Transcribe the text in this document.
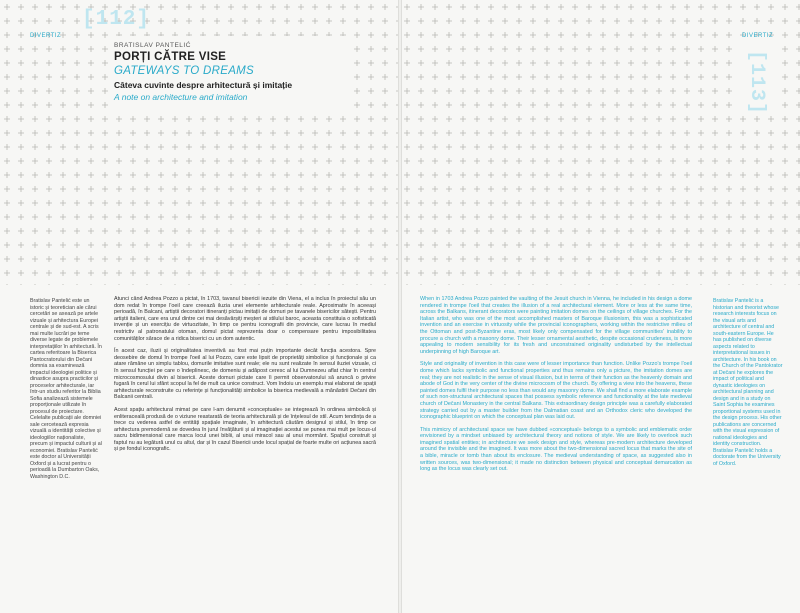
[112]
DIVERTIZ
BRATISLAV PANTELIĆ
PORȚI CĂTRE VISE
GATEWAYS TO DREAMS
Câteva cuvinte despre arhitectură și imitație
A note on architecture and imitation
Bratislav Pantelić este un istoric și teoretician ale cărui cercetări se axează pe artele vizuale și arhitectura Europei centrale și de sud-est. A scris mai multe lucrări pe teme diverse legate de problemele interpretațiilor în arhitectură. În cartea referitoare la Biserica Pantocratorului din Dečani domnia sa examinează impactul ideologiei politice și dinastice asupra practicilor și proceselor arhitecturale, iar într-un studiu referitor la Biblia Sofia analizează sistemele proporționale utilizate în procesul de proiectare. Celelalte publicații ale domniei sale cercetează expresia vizuală a identității colective și ideologiilor naționaliste, precum și impactul culturii și al economiei. Bratislav Pantelić este doctor al Universității Oxford și a lucrat pentru o perioadă la Dumbarton Oaks, Washington D.C.

Atunci când Andrea Pozzo a pictat, în 1703, tavanul bisericii iezuite din Viena, el a inclus în proiectul său un dom redat în trompe l'oeil care creează iluzia unei elemente arhitecturale reale. Aproximativ în aceeași perioadă, în Balcani, artiștii decoratori itineranți pictau imitații de domuri pe tavanele bisericilor săteşti. Pentru artiștii italieni, care era unul dintre cei mai desăvârșiți meșteri ai stilului baroc, aceasta constituia o sofisticată invenție și un exercițiu de virtuozitate, în timp ce pentru iconografii din provincie, care lucrau în mediul restrictiv al patronatului otoman, domul pictat reprezenta doar o compensare pentru imposibilitatea comunităților sărace de a ridica biserici cu un dom autentic.

În acest caz, iluzii și originalitatea inventivă au fost mai puțin importante decât funcția acestora. Spre deosebire de domul în trompe l'oeil al lui Pozzo, care este lipsit de proprietăți simbolice și funcționale și ca atare rămâne un simplu tablou, domurile imitative sunt reale; ele nu sunt realizate în sensul iluziei vizuale, ci în sensul funcției pe care o îndeplinesc, de domeniu și adăpost ceresc al lui Dumnezeu aflat chiar în centrul microcosmosului divin al bisericii. Aceste domuri pictate care îi permit observatorului să aruncă o privire fugară în cerul lui sfânt scopul la fel de mult ca unice construct. Vom îndoiu un exemplu mai elaborat de spații arhitecturale reconstruite cu referințe și funcționalități simbolice la biserica medievală a mănăstirii Dečani din Balcanii centrali.

Acest spațiu arhitectural mimat pe care l-am denumit «conceptuale» se integrează în ordinea simbolică și enliteraceală produsă de o viziune reastarată de teoria arhitecturală și de înțelesul de stil. Acum tendința de a trece cu vederea astfel de entități spațiale imaginate, în arhitectură căutăm designul și stilul, în timp ce arhitectura premodernă se dovedea în jurul învățăturii și al imaginației acestui se punea mai mult pe locus-ul sacru bidimensional care marca locul unei biblii, al unui miracol sau al unui mormânt. Spațiul construit și faptul nu au legătură unul cu altul, dar și în cazul Bisericii unde locul spațial de foarte multe ori acțiunea sacră și pe fondul iconografic.

DIVERTIZ
[113]

When in 1703 Andrea Pozzo painted the vaulting of the Jesuit church in Vienna, he included in his design a dome rendered in trompe l'oeil that creates the illusion of a real architectural element. More or less at the same time, across the Balkans, itinerant decorators were painting imitation domes on the ceilings of village churches. For the Italian artist, who was one of the most accomplished masters of Baroque illusionism, this was a sophisticated invention and an exercise in virtuosity while the provincial iconographers, working within the restrictive milieu of the Ottoman and post-Byzantine eras, most likely only compensated for the village communities' inability to procure a church with a masonry dome. Their lesser ornamental aesthetic, despite occasional crudeness, is more appealing to modern sensibility for its fresh and unconstrained originality undisturbed by the intellectual underpinning of high Baroque art.

Style and originality of invention in this case were of lesser importance than function. Unlike Pozzo's trompe l'oeil dome which lacks symbolic and functional properties and thus remains only a picture, the imitation domes are real; they are not realistic in the sense of visual illusion, but in terms of their function as the heavenly domain and abode of God in the very center of the divine microcosm of the church. By offering a view into the heavens, these painted domes fulfil their purpose no less than would any masonry dome. We shall find a more elaborate example of such non-structural architectural spaces that possess symbolic reference and functionality at the late medieval church of Dečani Monastery in the central Balkans. This extraordinary design principle was a carefully elaborated strategy carried out by a master builder from the Dalmatian coast and an Orthodox cleric who developed the iconographic blueprint on which the conceptual plan was laid out.

This mimicry of architectural space we have dubbed «conceptual» belongs to a symbolic and emblematic order envisioned by a mindset unbiased by architectural theory and notions of style. We are likely to overlook such imagined spatial entities; in architecture we seek design and style, whereas pre-modern architecture developed around the invisible and the imagined. It was more about the two-dimensional sacred locus that marks the site of a bible, miracle or tomb than about its enclosure. The medieval understanding of space, as suggested also in written sources, was two-dimensional; it made no distinction between physical and conceptual demarcation as long as the locus was clearly set out.

Bratislav Pantelić is a historian and theorist whose research interests focus on the visual arts and architecture of central and south-eastern Europe. He has published on diverse aspects related to interpretational issues in architecture. In his book on the Church of the Pantokrator at Dečani he explores the impact of political and dynastic ideologies on architectural planning and design and in a study on Saint Sophia he examines proportional systems used in the design process. His other publications are concerned with the visual expression of national ideologies and identity construction. Bratislav Pantelić holds a doctorate from the University of Oxford.
